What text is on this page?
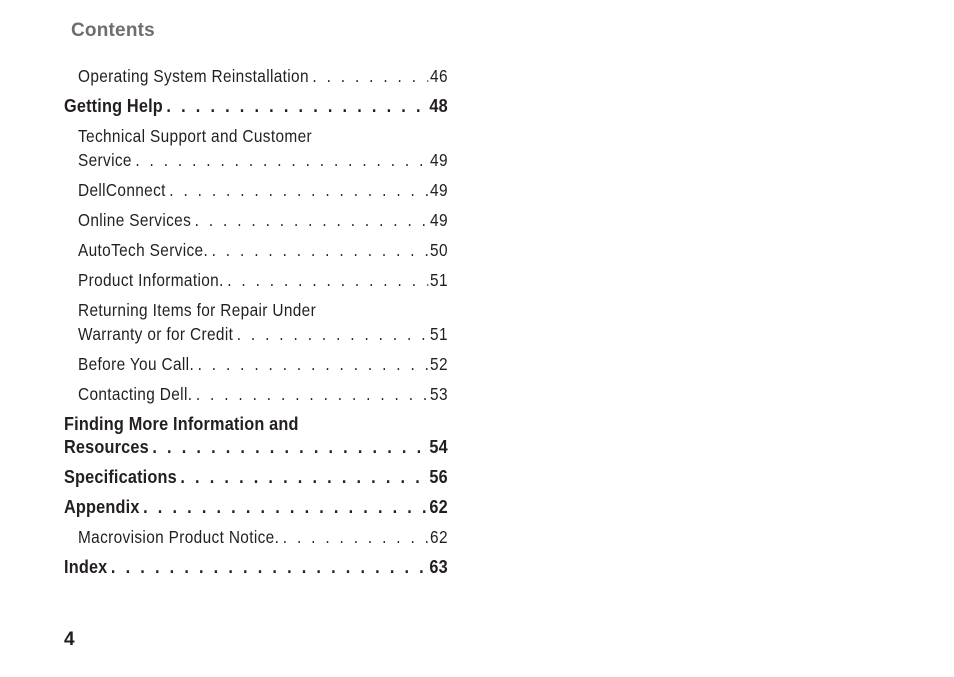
Contents
Operating System Reinstallation . . .	46
Getting Help . . .	48
Technical Support and Customer
Service . . .	49
DellConnect . . .	49
Online Services . . .	49
AutoTech Service. . . .	50
Product Information. . . .	51
Returning Items for Repair Under
Warranty or for Credit . . .	51
Before You Call. . . .	52
Contacting Dell. . . .	53
Finding More Information and
Resources . . .	54
Specifications . . .	56
Appendix . . .	62
Macrovision Product Notice. . . .	62
Index . . .	63
4
